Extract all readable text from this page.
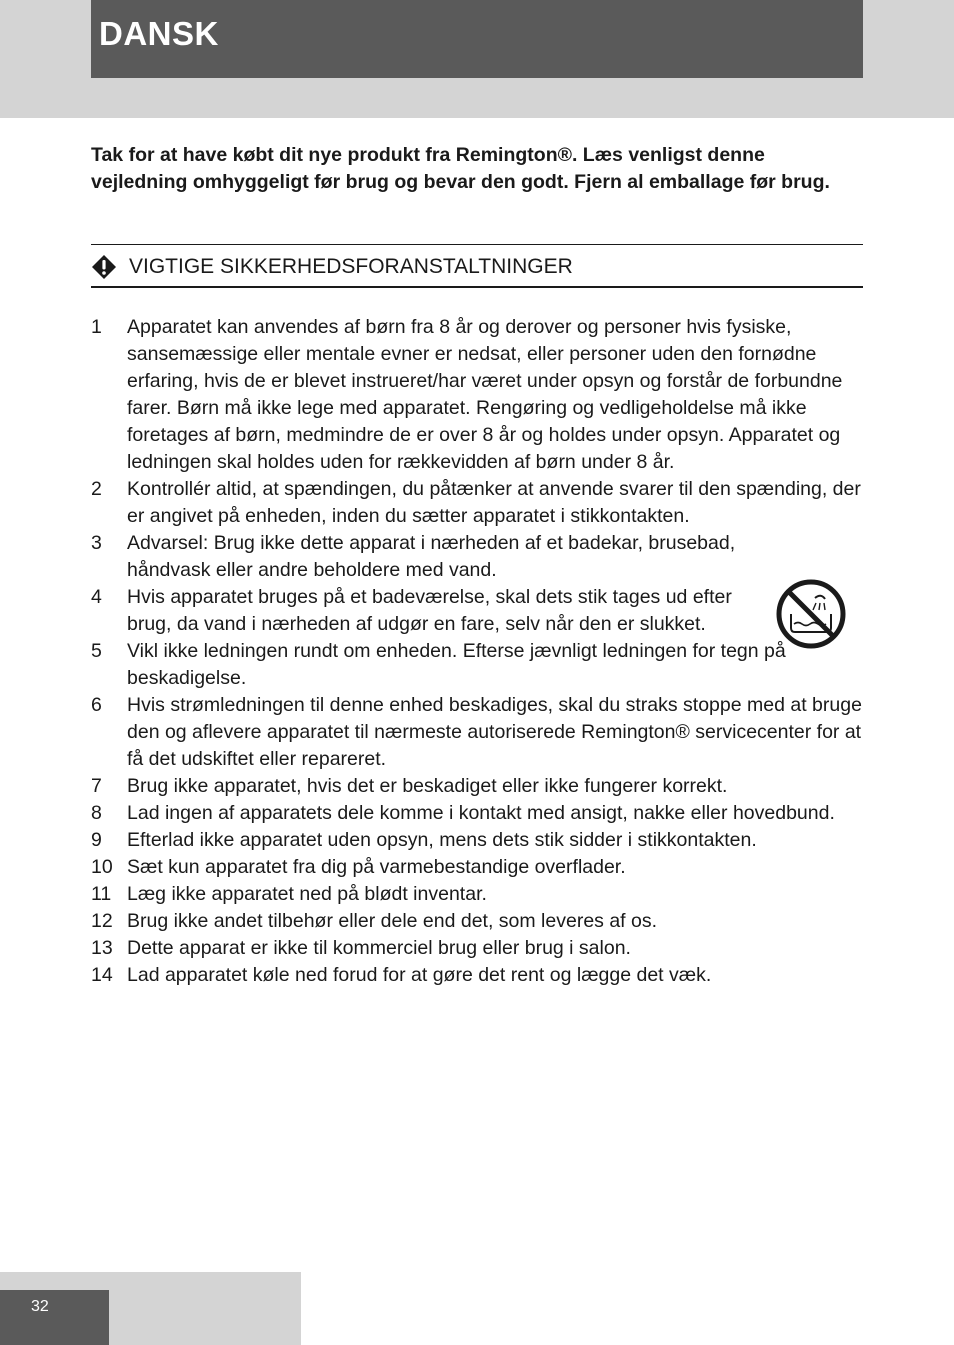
DANSK
Tak for at have købt dit nye produkt fra Remington®. Læs venligst denne vejledning omhyggeligt før brug og bevar den godt. Fjern al emballage før brug.
VIGTIGE SIKKERHEDSFORANSTALTNINGER
1	Apparatet kan anvendes af børn fra 8 år og derover og personer hvis fysiske, sansemæssige eller mentale evner er nedsat, eller personer uden den fornødne erfaring, hvis de er blevet instrueret/har været under opsyn og forstår de forbundne farer. Børn må ikke lege med apparatet. Rengøring og vedligeholdelse må ikke foretages af børn, medmindre de er over 8 år og holdes under opsyn. Apparatet og ledningen skal holdes uden for rækkevidden af børn under 8 år.
2	Kontrollér altid, at spændingen, du påtænker at anvende svarer til den spænding, der er angivet på enheden, inden du sætter apparatet i stikkontakten.
3	Advarsel: Brug ikke dette apparat i nærheden af et badekar, brusebad, håndvask eller andre beholdere med vand.
4	Hvis apparatet bruges på et badeværelse, skal dets stik tages ud efter brug, da vand i nærheden af udgør en fare, selv når den er slukket.
5	Vikl ikke ledningen rundt om enheden. Efterse jævnligt ledningen for tegn på beskadigelse.
6	Hvis strømledningen til denne enhed beskadiges, skal du straks stoppe med at bruge den og aflevere apparatet til nærmeste autoriserede Remington® servicecenter for at få det udskiftet eller repareret.
7	Brug ikke apparatet, hvis det er beskadiget eller ikke fungerer korrekt.
8	Lad ingen af apparatets dele komme i kontakt med ansigt, nakke eller hovedbund.
9	Efterlad ikke apparatet uden opsyn, mens dets stik sidder i stikkontakten.
10 Sæt kun apparatet fra dig på varmebestandige overflader.
11 Læg ikke apparatet ned på blødt inventar.
12 Brug ikke andet tilbehør eller dele end det, som leveres af os.
13 Dette apparat er ikke til kommerciel brug eller brug i salon.
14 Lad apparatet køle ned forud for at gøre det rent og lægge det væk.
32
